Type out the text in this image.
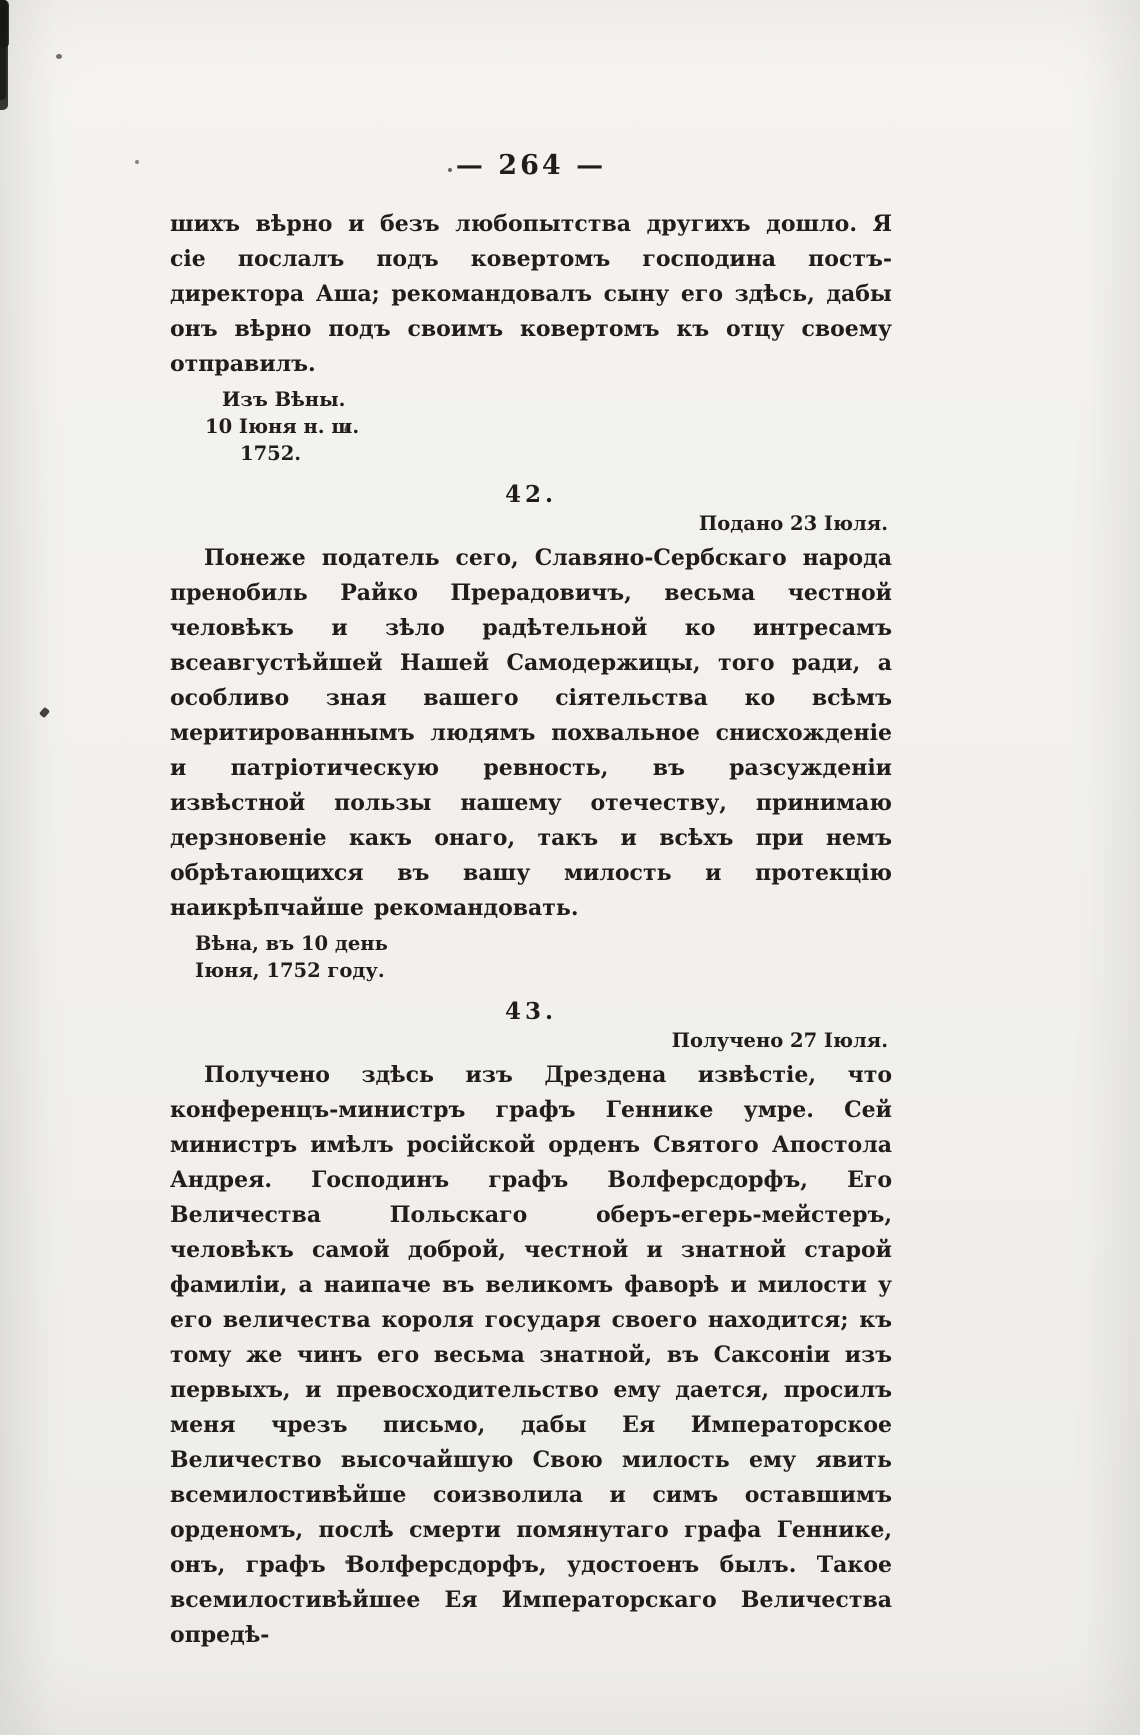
— 264 —

шихъ вѣрно и безъ любопытства другихъ дошло. Я сіе послалъ подъ ковертомъ господина постъ-директора Аша; рекомандовалъ сыну его здѣсь, дабы онъ вѣрно подъ своимъ ковертомъ къ отцу своему отправилъ.

Изъ Вѣны.
10 Іюня н. ш.
1752.
42.
Подано 23 Іюля.

Понеже податель сего, Славяно-Сербскаго народа пренобиль Райко Прерадовичъ, весьма честной человѣкъ и зѣло радѣтельной ко интресамъ всеавгустѣйшей Нашей Самодержицы, того ради, а особливо зная вашего сіятельства ко всѣмъ меритированнымъ людямъ похвальное снисхожденіе и патріотическую ревность, въ разсужденіи извѣстной пользы нашему отечеству, принимаю дерзновеніе какъ онаго, такъ и всѣхъ при немъ обрѣтающихся въ вашу милость и протекцію наикрѣпчайше рекомандовать.

Вѣна, въ 10 день
Іюня, 1752 году.
43.
Получено 27 Іюля.

Получено здѣсь изъ Дрездена извѣстіе, что конференцъ-министръ графъ Геннике умре. Сей министръ имѣлъ російской орденъ Святого Апостола Андрея. Господинъ графъ Волферсдорфъ, Его Величества Польскаго оберъ-егерь-мейстеръ, человѣкъ самой доброй, честной и знатной старой фамиліи, а наипаче въ великомъ фаворѣ и милости у его величества короля государя своего находится; къ тому же чинъ его весьма знатной, въ Саксоніи изъ первыхъ, и превосходительство ему дается, просилъ меня чрезъ письмо, дабы Ея Императорское Величество высочайшую Свою милость ему явить всемилостивѣйше соизволила и симъ оставшимъ орденомъ, послѣ смерти помянутаго графа Геннике, онъ, графъ Волферсдорфъ, удостоенъ былъ. Такое всемилостивѣйшее Ея Императорскаго Величества опредѣ-
